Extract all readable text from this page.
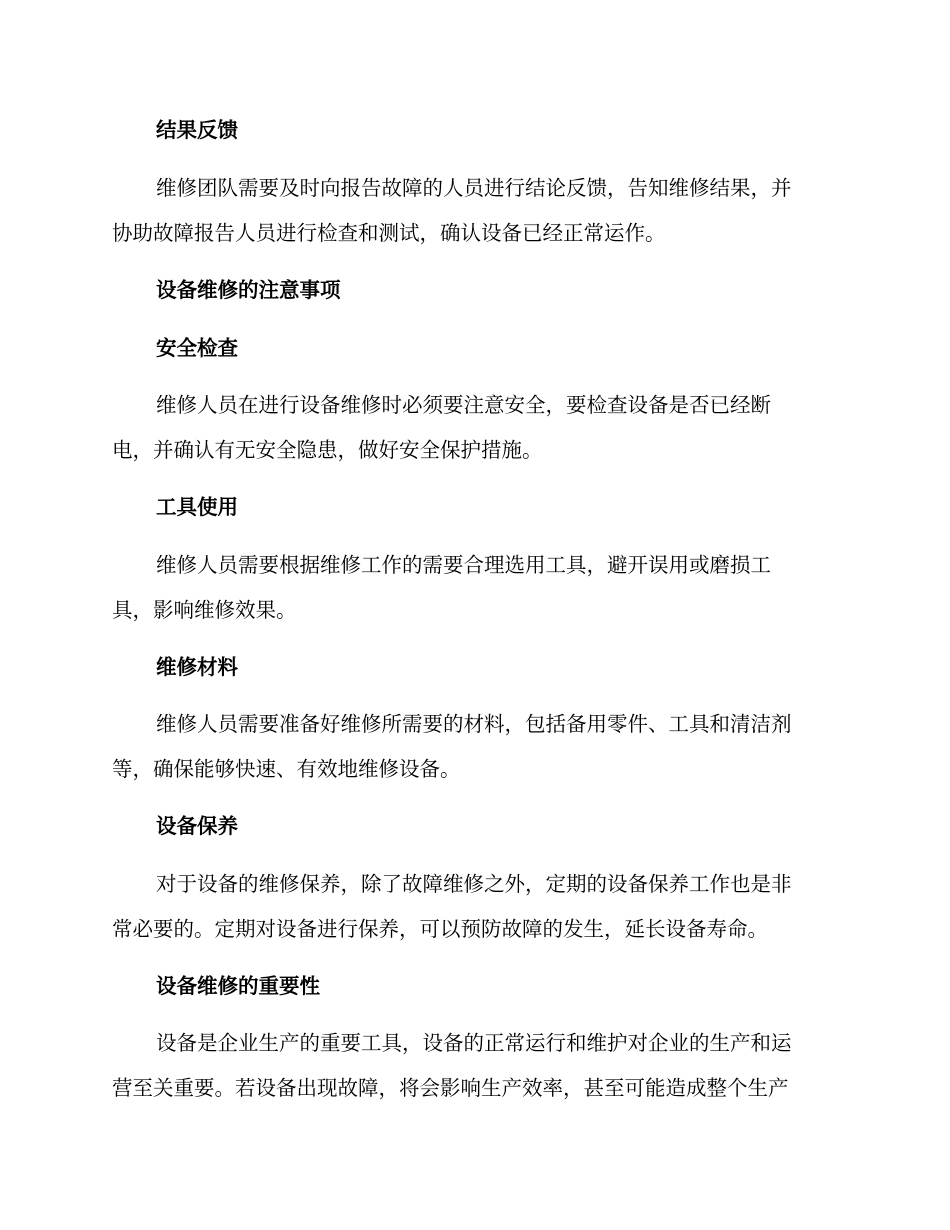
结果反馈
维修团队需要及时向报告故障的人员进行结论反馈，告知维修结果，并
协助故障报告人员进行检查和测试，确认设备已经正常运作。
设备维修的注意事项
安全检查
维修人员在进行设备维修时必须要注意安全，要检查设备是否已经断
电，并确认有无安全隐患，做好安全保护措施。
工具使用
维修人员需要根据维修工作的需要合理选用工具，避开误用或磨损工
具，影响维修效果。
维修材料
维修人员需要准备好维修所需要的材料，包括备用零件、工具和清洁剂
等，确保能够快速、有效地维修设备。
设备保养
对于设备的维修保养，除了故障维修之外，定期的设备保养工作也是非
常必要的。定期对设备进行保养，可以预防故障的发生，延长设备寿命。
设备维修的重要性
设备是企业生产的重要工具，设备的正常运行和维护对企业的生产和运
营至关重要。若设备出现故障，将会影响生产效率，甚至可能造成整个生产
